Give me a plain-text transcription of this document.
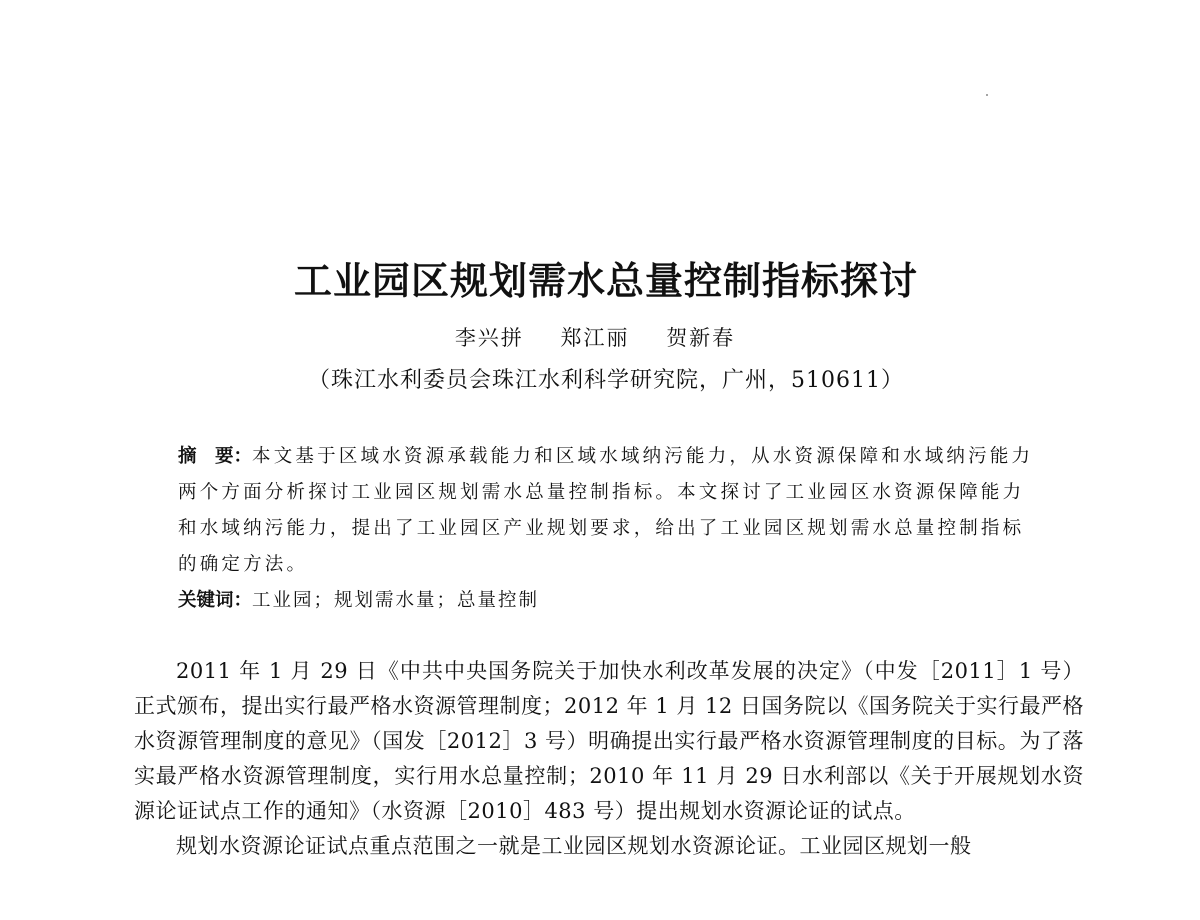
工业园区规划需水总量控制指标探讨
李兴拼 郑江丽 贺新春
（珠江水利委员会珠江水利科学研究院，广州，510611）
摘　要：本文基于区域水资源承载能力和区域水域纳污能力，从水资源保障和水域纳污能力两个方面分析探讨工业园区规划需水总量控制指标。本文探讨了工业园区水资源保障能力和水域纳污能力，提出了工业园区产业规划要求，给出了工业园区规划需水总量控制指标的确定方法。
关键词：工业园；规划需水量；总量控制

2011 年 1 月 29 日《中共中央国务院关于加快水利改革发展的决定》（中发［2011］1 号）正式颁布，提出实行最严格水资源管理制度；2012 年 1 月 12 日国务院以《国务院关于实行最严格水资源管理制度的意见》（国发［2012］3 号）明确提出实行最严格水资源管理制度的目标。为了落实最严格水资源管理制度，实行用水总量控制；2010 年 11 月 29 日水利部以《关于开展规划水资源论证试点工作的通知》（水资源［2010］483 号）提出规划水资源论证的试点。

规划水资源论证试点重点范围之一就是工业园区规划水资源论证。工业园区规划一般
